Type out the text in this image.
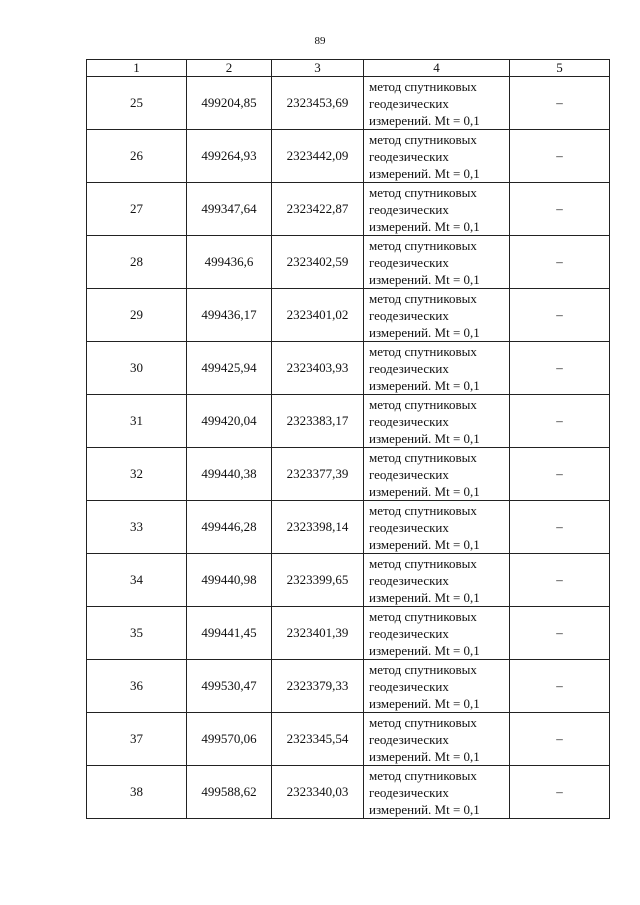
89
1	2	3	4	5
25	499204,85	2323453,69	метод спутниковых
геодезических
измерений. Mt = 0,1	–
26	499264,93	2323442,09	метод спутниковых
геодезических
измерений. Mt = 0,1	–
27	499347,64	2323422,87	метод спутниковых
геодезических
измерений. Mt = 0,1	–
28	499436,6	2323402,59	метод спутниковых
геодезических
измерений. Mt = 0,1	–
29	499436,17	2323401,02	метод спутниковых
геодезических
измерений. Mt = 0,1	–
30	499425,94	2323403,93	метод спутниковых
геодезических
измерений. Mt = 0,1	–
31	499420,04	2323383,17	метод спутниковых
геодезических
измерений. Mt = 0,1	–
32	499440,38	2323377,39	метод спутниковых
геодезических
измерений. Mt = 0,1	–
33	499446,28	2323398,14	метод спутниковых
геодезических
измерений. Mt = 0,1	–
34	499440,98	2323399,65	метод спутниковых
геодезических
измерений. Mt = 0,1	–
35	499441,45	2323401,39	метод спутниковых
геодезических
измерений. Mt = 0,1	–
36	499530,47	2323379,33	метод спутниковых
геодезических
измерений. Mt = 0,1	–
37	499570,06	2323345,54	метод спутниковых
геодезических
измерений. Mt = 0,1	–
38	499588,62	2323340,03	метод спутниковых
геодезических
измерений. Mt = 0,1	–
